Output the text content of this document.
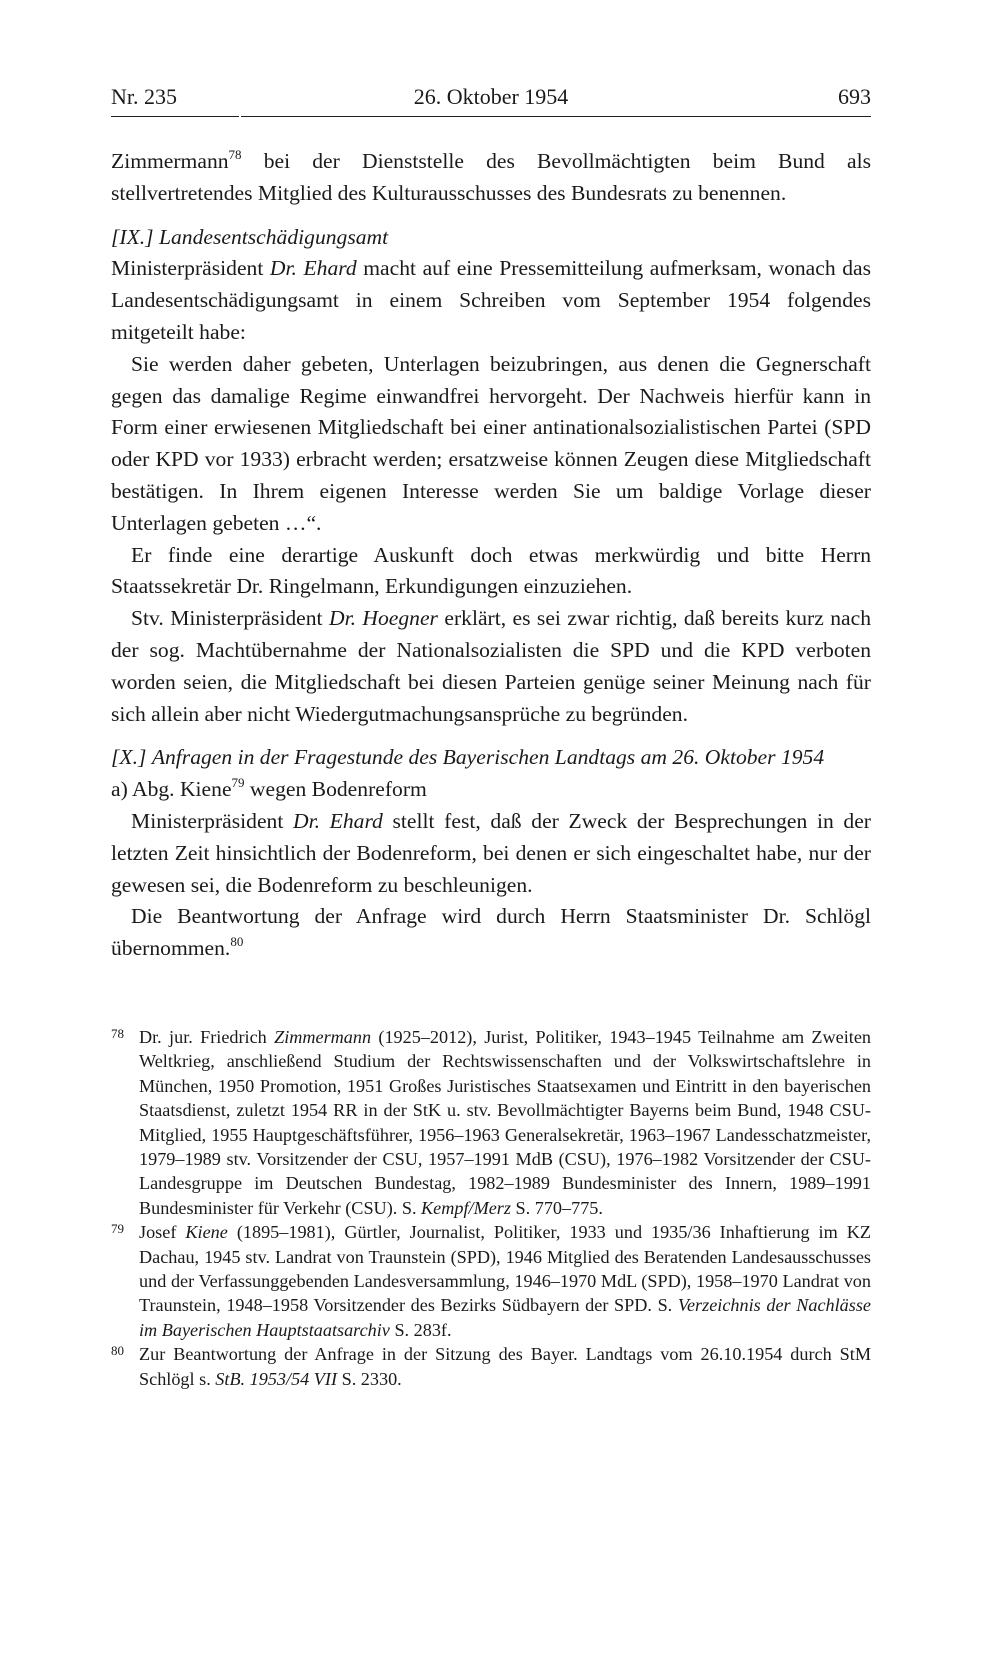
Nr. 235	26. Oktober 1954	693

Zimmermann$^{78}$ bei der Dienststelle des Bevollmächtigten beim Bund als stellvertretendes Mitglied des Kulturausschusses des Bundesrats zu benennen.

[IX.] Landesentschädigungsamt

Ministerpräsident Dr. Ehard macht auf eine Pressemitteilung aufmerksam, wonach das Landesentschädigungsamt in einem Schreiben vom September 1954 folgendes mitgeteilt habe:

Sie werden daher gebeten, Unterlagen beizubringen, aus denen die Gegnerschaft gegen das damalige Regime einwandfrei hervorgeht. Der Nachweis hierfür kann in Form einer erwiesenen Mitgliedschaft bei einer antinationalsozialistischen Partei (SPD oder KPD vor 1933) erbracht werden; ersatzweise können Zeugen diese Mitgliedschaft bestätigen. In Ihrem eigenen Interesse werden Sie um baldige Vorlage dieser Unterlagen gebeten …“.

Er finde eine derartige Auskunft doch etwas merkwürdig und bitte Herrn Staatssekretär Dr. Ringelmann, Erkundigungen einzuziehen.

Stv. Ministerpräsident Dr. Hoegner erklärt, es sei zwar richtig, daß bereits kurz nach der sog. Machtübernahme der Nationalsozialisten die SPD und die KPD verboten worden seien, die Mitgliedschaft bei diesen Parteien genüge seiner Meinung nach für sich allein aber nicht Wiedergutmachungsansprüche zu begründen.

[X.] Anfragen in der Fragestunde des Bayerischen Landtags am 26. Oktober 1954

a) Abg. Kiene$^{79}$ wegen Bodenreform

Ministerpräsident Dr. Ehard stellt fest, daß der Zweck der Besprechungen in der letzten Zeit hinsichtlich der Bodenreform, bei denen er sich eingeschaltet habe, nur der gewesen sei, die Bodenreform zu beschleunigen.

Die Beantwortung der Anfrage wird durch Herrn Staatsminister Dr. Schlögl übernommen.$^{80}$

78 Dr. jur. Friedrich Zimmermann (1925–2012), Jurist, Politiker, 1943–1945 Teilnahme am Zweiten Weltkrieg, anschließend Studium der Rechtswissenschaften und der Volkswirtschaftslehre in München, 1950 Promotion, 1951 Großes Juristisches Staatsexamen und Eintritt in den bayerischen Staatsdienst, zuletzt 1954 RR in der StK u. stv. Bevollmächtigter Bayerns beim Bund, 1948 CSU-Mitglied, 1955 Hauptgeschäftsführer, 1956–1963 Generalsekretär, 1963–1967 Landesschatzmeister, 1979–1989 stv. Vorsitzender der CSU, 1957–1991 MdB (CSU), 1976–1982 Vorsitzender der CSU-Landesgruppe im Deutschen Bundestag, 1982–1989 Bundesminister des Innern, 1989–1991 Bundesminister für Verkehr (CSU). S. Kempf/Merz S. 770–775.

79 Josef Kiene (1895–1981), Gürtler, Journalist, Politiker, 1933 und 1935/36 Inhaftierung im KZ Dachau, 1945 stv. Landrat von Traunstein (SPD), 1946 Mitglied des Beratenden Landesausschusses und der Verfassunggebenden Landesversammlung, 1946–1970 MdL (SPD), 1958–1970 Landrat von Traunstein, 1948–1958 Vorsitzender des Bezirks Südbayern der SPD. S. Verzeichnis der Nachlässe im Bayerischen Hauptstaatsarchiv S. 283f.

80 Zur Beantwortung der Anfrage in der Sitzung des Bayer. Landtags vom 26.10.1954 durch StM Schlögl s. StB. 1953/54 VII S. 2330.
